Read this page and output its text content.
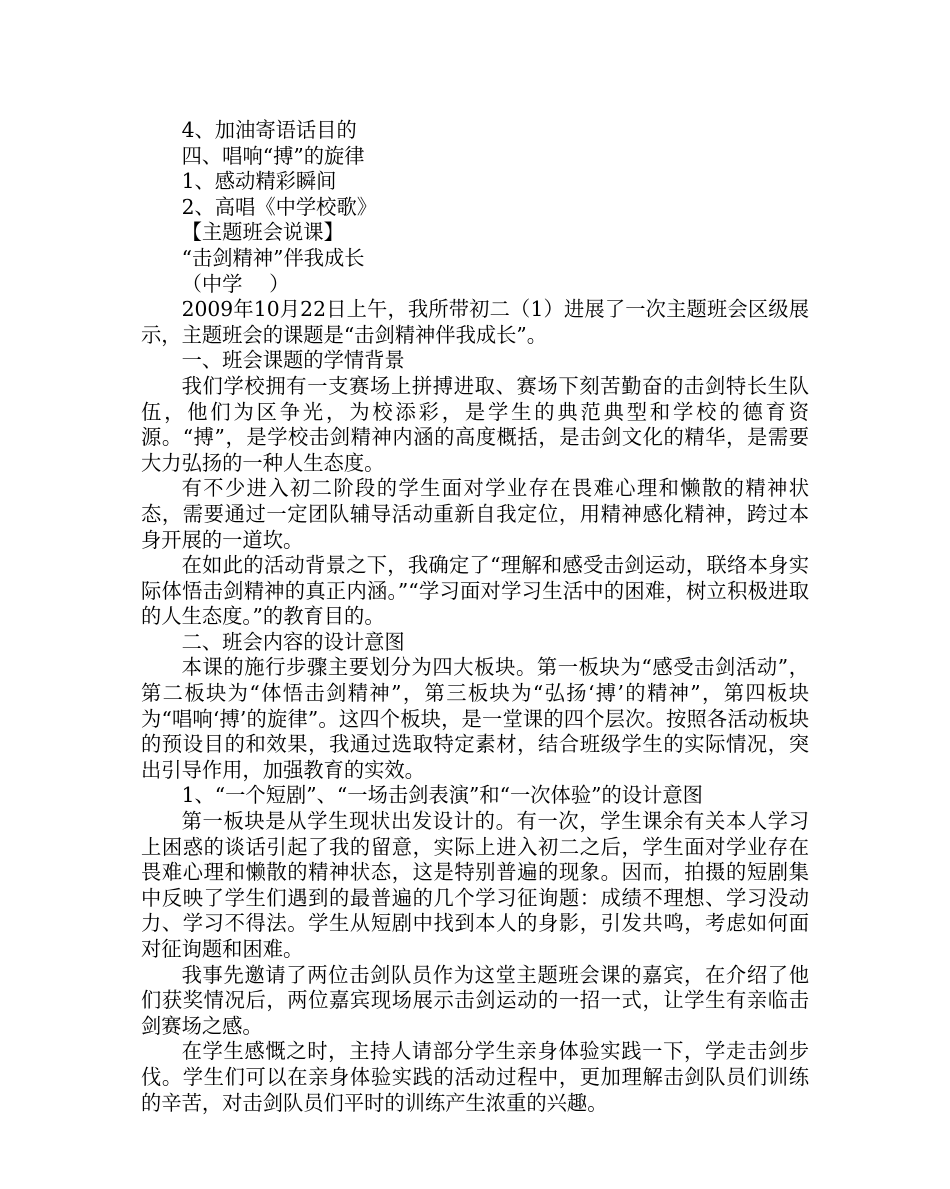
4、加油寄语话目的

四、唱响“搏”的旋律

1、感动精彩瞬间

2、高唱《中学校歌》

【主题班会说课】

“击剑精神”伴我成长

（中学　 ）

2009年10月22日上午，我所带初二（1）进展了一次主题班会区级展示，主题班会的课题是“击剑精神伴我成长”。

一、班会课题的学情背景

我们学校拥有一支赛场上拼搏进取、赛场下刻苦勤奋的击剑特长生队伍，他们为区争光，为校添彩，是学生的典范典型和学校的德育资源。“搏”，是学校击剑精神内涵的高度概括，是击剑文化的精华，是需要大力弘扬的一种人生态度。

有不少进入初二阶段的学生面对学业存在畏难心理和懒散的精神状态，需要通过一定团队辅导活动重新自我定位，用精神感化精神，跨过本身开展的一道坎。

在如此的活动背景之下，我确定了“理解和感受击剑运动，联络本身实际体悟击剑精神的真正内涵。”“学习面对学习生活中的困难，树立积极进取的人生态度。”的教育目的。

二、班会内容的设计意图

本课的施行步骤主要划分为四大板块。第一板块为“感受击剑活动”，第二板块为“体悟击剑精神”，第三板块为“弘扬‘搏’的精神”，第四板块为“唱响‘搏’的旋律”。这四个板块，是一堂课的四个层次。按照各活动板块的预设目的和效果，我通过选取特定素材，结合班级学生的实际情况，突出引导作用，加强教育的实效。

1、“一个短剧”、“一场击剑表演”和“一次体验”的设计意图

第一板块是从学生现状出发设计的。有一次，学生课余有关本人学习上困惑的谈话引起了我的留意，实际上进入初二之后，学生面对学业存在畏难心理和懒散的精神状态，这是特别普遍的现象。因而，拍摄的短剧集中反映了学生们遇到的最普遍的几个学习征询题：成绩不理想、学习没动力、学习不得法。学生从短剧中找到本人的身影，引发共鸣，考虑如何面对征询题和困难。

我事先邀请了两位击剑队员作为这堂主题班会课的嘉宾，在介绍了他们获奖情况后，两位嘉宾现场展示击剑运动的一招一式，让学生有亲临击剑赛场之感。

在学生感慨之时，主持人请部分学生亲身体验实践一下，学走击剑步伐。学生们可以在亲身体验实践的活动过程中，更加理解击剑队员们训练的辛苦，对击剑队员们平时的训练产生浓重的兴趣。
